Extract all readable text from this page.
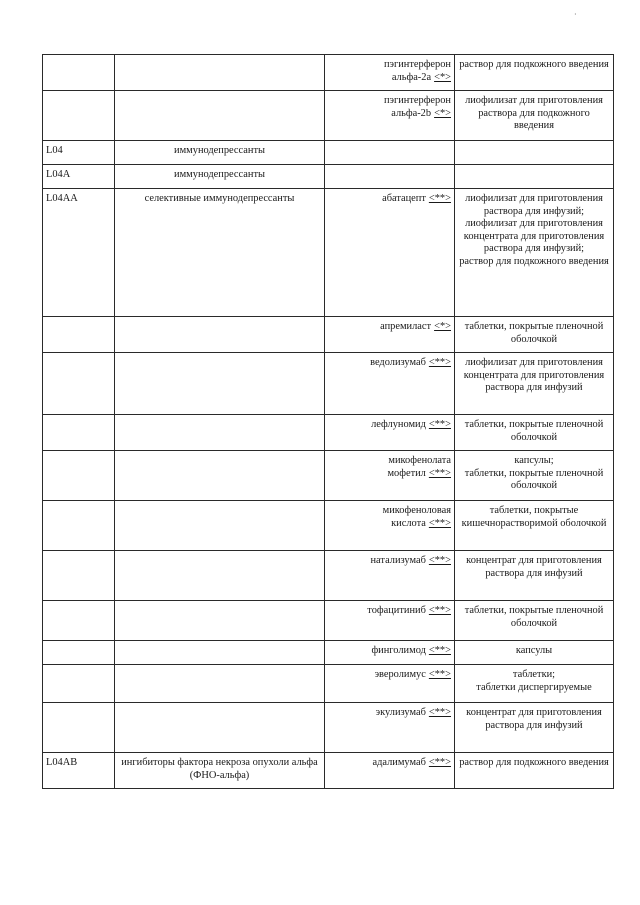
·
		пэгинтерферон альфа-2a <*>	раствор для подкожного введения

		пэгинтерферон альфа-2b <*>	лиофилизат для приготовления раствора для подкожного введения

L04	иммунодепрессанты		
L04A	иммунодепрессанты		
L04AA	селективные иммунодепрессанты	абатацепт <**>	лиофилизат для приготовления раствора для инфузий;
лиофилизат для приготовления концентрата для приготовления раствора для инфузий;
раствор для подкожного введения

		апремиласт <*>	таблетки, покрытые пленочной оболочкой

		ведолизумаб <**>	лиофилизат для приготовления концентрата для приготовления раствора для инфузий

		лефлуномид <**>	таблетки, покрытые пленочной оболочкой

		микофенолата мофетил <**>	капсулы;
таблетки, покрытые пленочной оболочкой

		микофеноловая кислота <**>	таблетки, покрытые кишечнорастворимой оболочкой

		натализумаб <**>	концентрат для приготовления раствора для инфузий

		тофацитиниб <**>	таблетки, покрытые пленочной оболочкой

		финголимод <**>	капсулы

		эверолимус <**>	таблетки;
таблетки диспергируемые

		экулизумаб <**>	концентрат для приготовления раствора для инфузий

L04AB	ингибиторы фактора некроза опухоли альфа (ФНО-альфа)	адалимумаб <**>	раствор для подкожного введения
